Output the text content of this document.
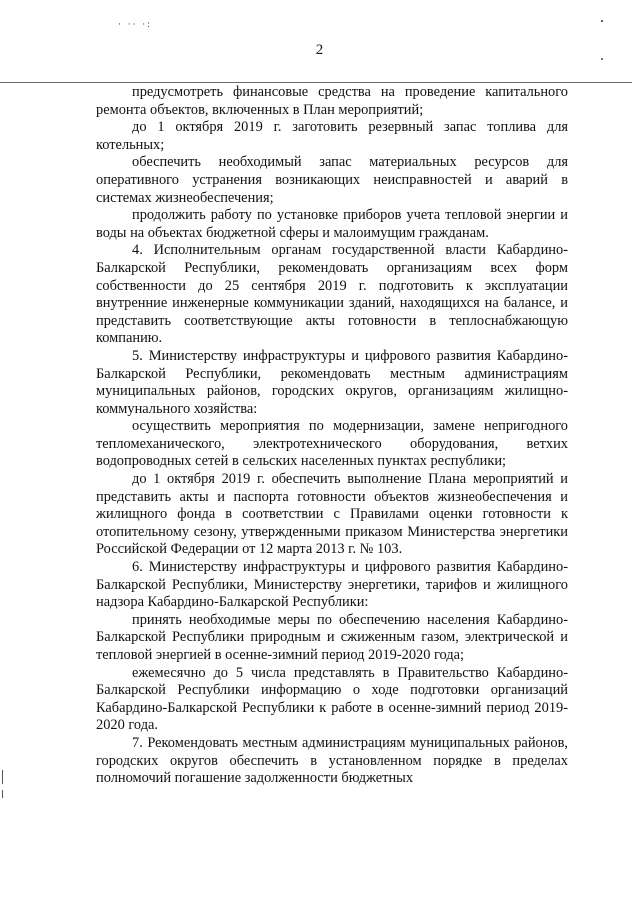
· ·· ·:
2

предусмотреть финансовые средства на проведение капитального ремонта объектов, включенных в План мероприятий;

до 1 октября 2019 г. заготовить резервный запас топлива для котельных;

обеспечить необходимый запас материальных ресурсов для оперативного устранения возникающих неисправностей и аварий в системах жизнеобеспечения;

продолжить работу по установке приборов учета тепловой энергии и воды на объектах бюджетной сферы и малоимущим гражданам.

4. Исполнительным органам государственной власти Кабардино-Балкарской Республики, рекомендовать организациям всех форм собственности до 25 сентября 2019 г. подготовить к эксплуатации внутренние инженерные коммуникации зданий, находящихся на балансе, и представить соответствующие акты готовности в теплоснабжающую компанию.

5. Министерству инфраструктуры и цифрового развития Кабардино-Балкарской Республики, рекомендовать местным администрациям муниципальных районов, городских округов, организациям жилищно-коммунального хозяйства:

осуществить мероприятия по модернизации, замене непригодного тепломеханического, электротехнического оборудования, ветхих водопроводных сетей в сельских населенных пунктах республики;

до 1 октября 2019 г. обеспечить выполнение Плана мероприятий и представить акты и паспорта готовности объектов жизнеобеспечения и жилищного фонда в соответствии с Правилами оценки готовности к отопительному сезону, утвержденными приказом Министерства энергетики Российской Федерации от 12 марта 2013 г. № 103.

6. Министерству инфраструктуры и цифрового развития Кабардино-Балкарской Республики, Министерству энергетики, тарифов и жилищного надзора Кабардино-Балкарской Республики:

принять необходимые меры по обеспечению населения Кабардино-Балкарской Республики природным и сжиженным газом, электрической и тепловой энергией в осенне-зимний период 2019-2020 года;

ежемесячно до 5 числа представлять в Правительство Кабардино-Балкарской Республики информацию о ходе подготовки организаций Кабардино-Балкарской Республики к работе в осенне-зимний период 2019-2020 года.

7. Рекомендовать местным администрациям муниципальных районов, городских округов обеспечить в установленном порядке в пределах полномочий погашение задолженности бюджетных
